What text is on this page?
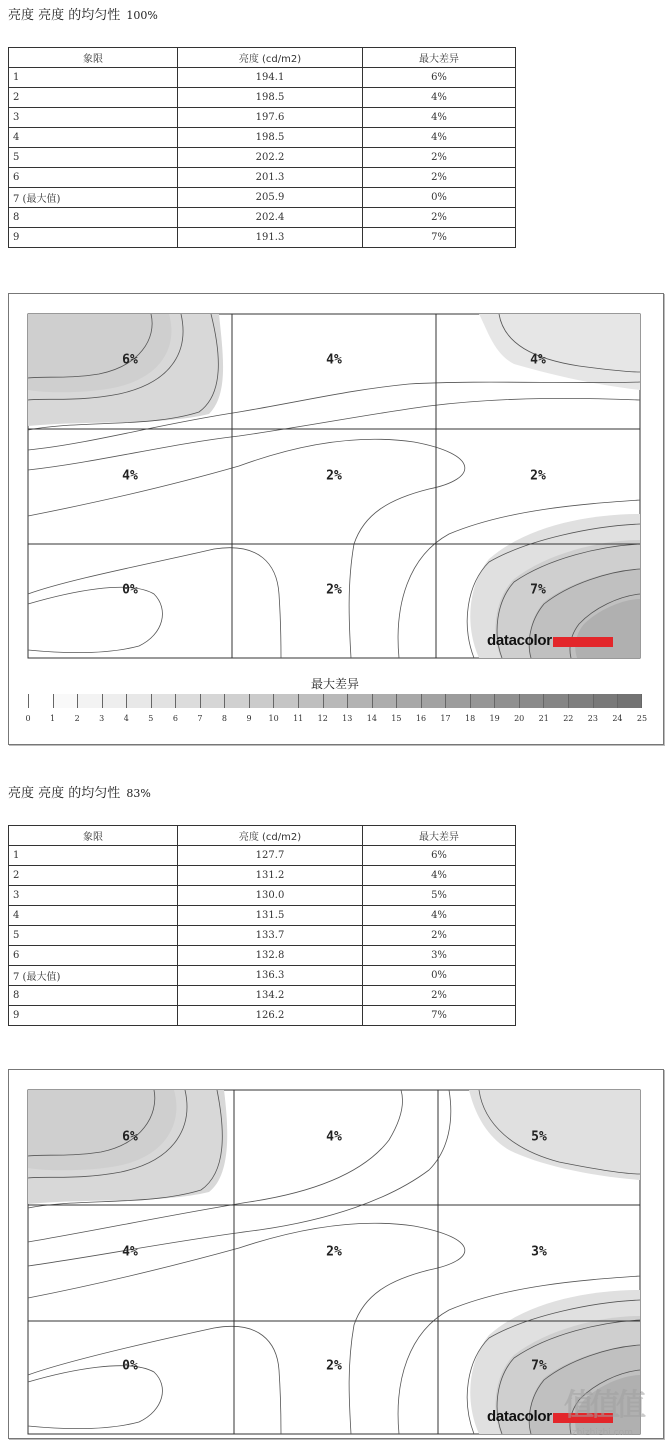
亮度 亮度 的均匀性 100%
象限	亮度 (cd/m2)	最大差异
1	194.1	6%
2	198.5	4%
3	197.6	4%
4	198.5	4%
5	202.2	2%
6	201.3	2%
7 (最大值)	205.9	0%
8	202.4	2%
9	191.3	7%
6%	4%	4%
4%	2%	2%
0%	2%	7%
datacolor
最大差异
0 1 2 3 4 5 6 7 8 9 10 11 12 13 14 15 16 17 18 19 20 21 22 23 24 25
亮度 亮度 的均匀性 83%
象限	亮度 (cd/m2)	最大差异
1	127.7	6%
2	131.2	4%
3	130.0	5%
4	131.5	4%
5	133.7	2%
6	132.8	3%
7 (最大值)	136.3	0%
8	134.2	2%
9	126.2	7%
6%	4%	5%
4%	2%	3%
0%	2%	7%
datacolor 值值值
zhizhizhi.com
